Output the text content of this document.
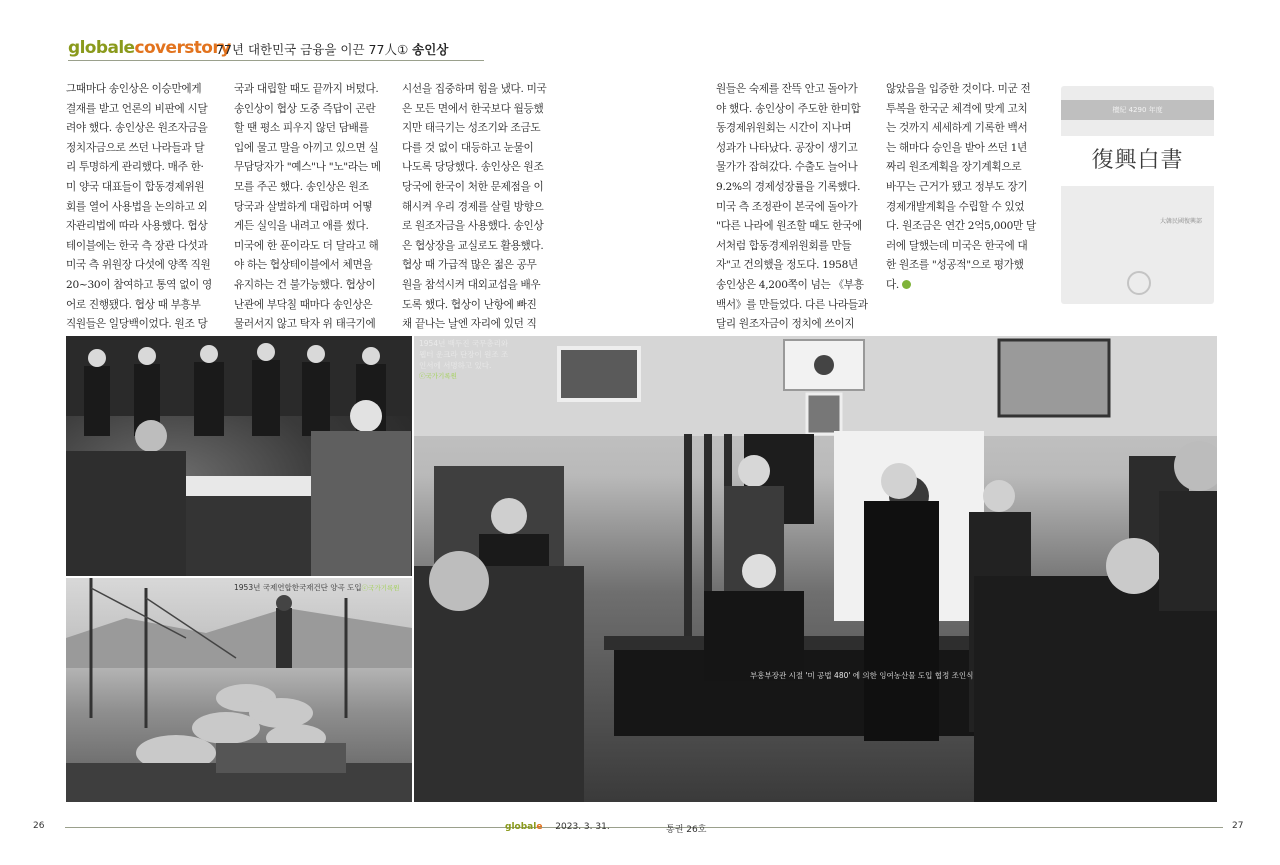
globalecoverstory
77년 대한민국 금융을 이끈 77人① 송인상

그때마다 송인상은 이승만에게

결재를 받고 언론의 비판에 시달

려야 했다. 송인상은 원조자금을

정치자금으로 쓰던 나라들과 달

리 투명하게 관리했다. 매주 한·

미 양국 대표들이 합동경제위원

회를 열어 사용법을 논의하고 외

자관리법에 따라 사용했다. 협상

테이블에는 한국 측 장관 다섯과

미국 측 위원장 다섯에 양쪽 직원

20~30이 참여하고 통역 없이 영

어로 진행됐다. 협상 때 부흥부

직원들은 일당백이었다. 원조 당

국과 대립할 때도 끝까지 버텼다.

송인상이 협상 도중 즉답이 곤란

할 땐 평소 피우지 않던 담배를

입에 물고 말을 아끼고 있으면 실

무담당자가 "예스"나 "노"라는 메

모를 주곤 했다. 송인상은 원조

당국과 살벌하게 대립하며 어떻

게든 실익을 내려고 애를 썼다.

미국에 한 푼이라도 더 달라고 해

야 하는 협상테이블에서 체면을

유지하는 건 불가능했다. 협상이

난관에 부닥칠 때마다 송인상은

물러서지 않고 탁자 위 태극기에

시선을 집중하며 힘을 냈다. 미국

은 모든 면에서 한국보다 월등했

지만 태극기는 성조기와 조금도

다를 것 없이 대등하고 눈물이

나도록 당당했다. 송인상은 원조

당국에 한국이 처한 문제점을 이

해시켜 우리 경제를 살릴 방향으

로 원조자금을 사용했다. 송인상

은 협상장을 교실로도 활용했다.

협상 때 가급적 많은 젊은 공무

원을 참석시켜 대외교섭을 배우

도록 했다. 협상이 난항에 빠진

채 끝나는 날엔 자리에 있던 직

원들은 숙제를 잔뜩 안고 돌아가

야 했다. 송인상이 주도한 한미합

동경제위원회는 시간이 지나며

성과가 나타났다. 공장이 생기고

물가가 잡혀갔다. 수출도 늘어나

9.2%의 경제성장률을 기록했다.

미국 측 조정관이 본국에 돌아가

"다른 나라에 원조할 때도 한국에

서처럼 합동경제위원회를 만들

자"고 건의했을 정도다. 1958년

송인상은 4,200쪽이 넘는 《부흥

백서》를 만들었다. 다른 나라들과

달리 원조자금이 정치에 쓰이지

않았음을 입증한 것이다. 미군 전

투복을 한국군 체격에 맞게 고치

는 것까지 세세하게 기록한 백서

는 해마다 승인을 받아 쓰던 1년

짜리 원조계획을 장기계획으로

바꾸는 근거가 됐고 정부도 장기

경제개발계획을 수립할 수 있었

다. 원조금은 연간 2억5,000만 달

러에 달했는데 미국은 한국에 대

한 원조를 "성공적"으로 평가했

다.

檀紀 4290 年度
復興白書
大韓民國復興部
1953년 국제연합한국재건단 양곡 도입ⓒ국가기록원
1954년 백두진 국무총리와
웹터 운크라 단장이 원조 조
인서에 서명하고 있다.
ⓒ국가기록원
부흥부장관 시절 '미 공법 480' 에 의한 잉여농산물 도입 협정 조인식
26	27
globale 2023. 3. 31.	통권 26호
